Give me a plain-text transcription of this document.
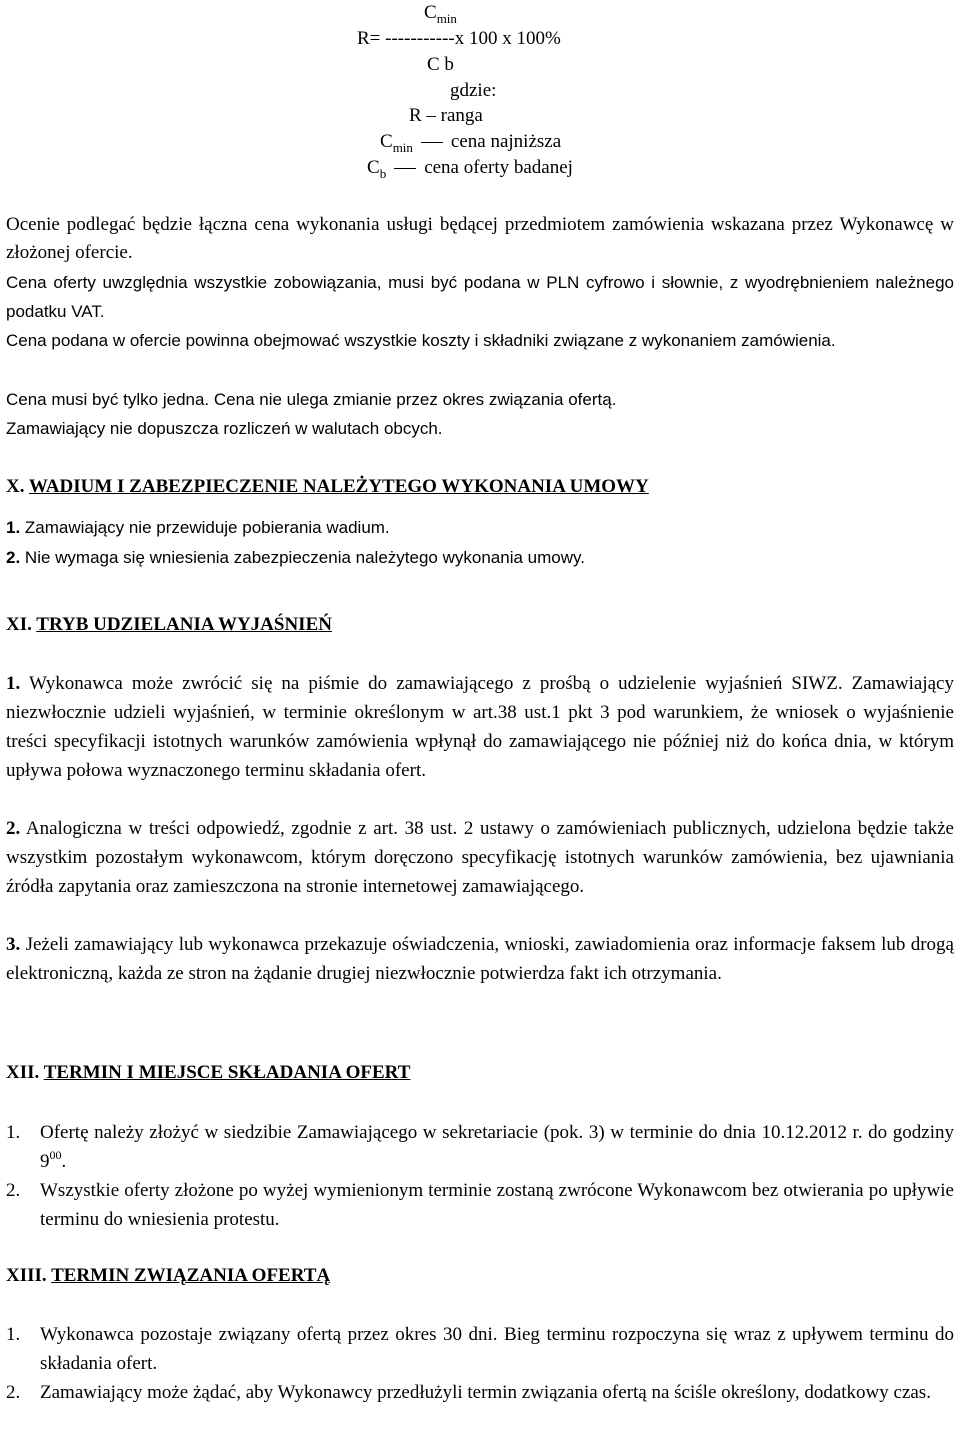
$C_{min}$
R= -----------x 100 x 100%
C b
gdzie:
R – ranga
$C_{min}$ cena najniższa
$C_b$ cena oferty badanej
Ocenie podlegać będzie łączna cena wykonania usługi będącej przedmiotem zamówienia wskazana przez Wykonawcę w złożonej ofercie.
Cena oferty uwzględnia wszystkie zobowiązania, musi być podana w PLN cyfrowo i słownie, z wyodrębnieniem należnego podatku VAT.
Cena podana w ofercie powinna obejmować wszystkie koszty i składniki związane z wykonaniem zamówienia.
Cena musi być tylko jedna. Cena nie ulega zmianie przez okres związania ofertą.
Zamawiający nie dopuszcza rozliczeń w walutach obcych.
X. WADIUM I ZABEZPIECZENIE NALEŻYTEGO WYKONANIA UMOWY
1. Zamawiający nie przewiduje pobierania wadium.
2. Nie wymaga się wniesienia zabezpieczenia należytego wykonania umowy.
XI. TRYB UDZIELANIA WYJAŚNIEŃ
1. Wykonawca może zwrócić się na piśmie do zamawiającego z prośbą o udzielenie wyjaśnień SIWZ. Zamawiający niezwłocznie udzieli wyjaśnień, w terminie określonym w art.38 ust.1 pkt 3 pod warunkiem, że wniosek o wyjaśnienie treści specyfikacji istotnych warunków zamówienia wpłynął do zamawiającego nie później niż do końca dnia, w którym upływa połowa wyznaczonego terminu składania ofert.
2. Analogiczna w treści odpowiedź, zgodnie z art. 38 ust. 2 ustawy o zamówieniach publicznych, udzielona będzie także wszystkim pozostałym wykonawcom, którym doręczono specyfikację istotnych warunków zamówienia, bez ujawniania źródła zapytania oraz zamieszczona na stronie internetowej zamawiającego.
3. Jeżeli zamawiający lub wykonawca przekazuje oświadczenia, wnioski, zawiadomienia oraz informacje faksem lub drogą elektroniczną, każda ze stron na żądanie drugiej niezwłocznie potwierdza fakt ich otrzymania.
XII. TERMIN I MIEJSCE SKŁADANIA OFERT
1. Ofertę należy złożyć w siedzibie Zamawiającego w sekretariacie (pok. 3) w terminie do dnia 10.12.2012 r. do godziny $9^{00}$.
2. Wszystkie oferty złożone po wyżej wymienionym terminie zostaną zwrócone Wykonawcom bez otwierania po upływie terminu do wniesienia protestu.
XIII. TERMIN ZWIĄZANIA OFERTĄ
1. Wykonawca pozostaje związany ofertą przez okres 30 dni. Bieg terminu rozpoczyna się wraz z upływem terminu do składania ofert.
2. Zamawiający może żądać, aby Wykonawcy przedłużyli termin związania ofertą na ściśle określony, dodatkowy czas.
